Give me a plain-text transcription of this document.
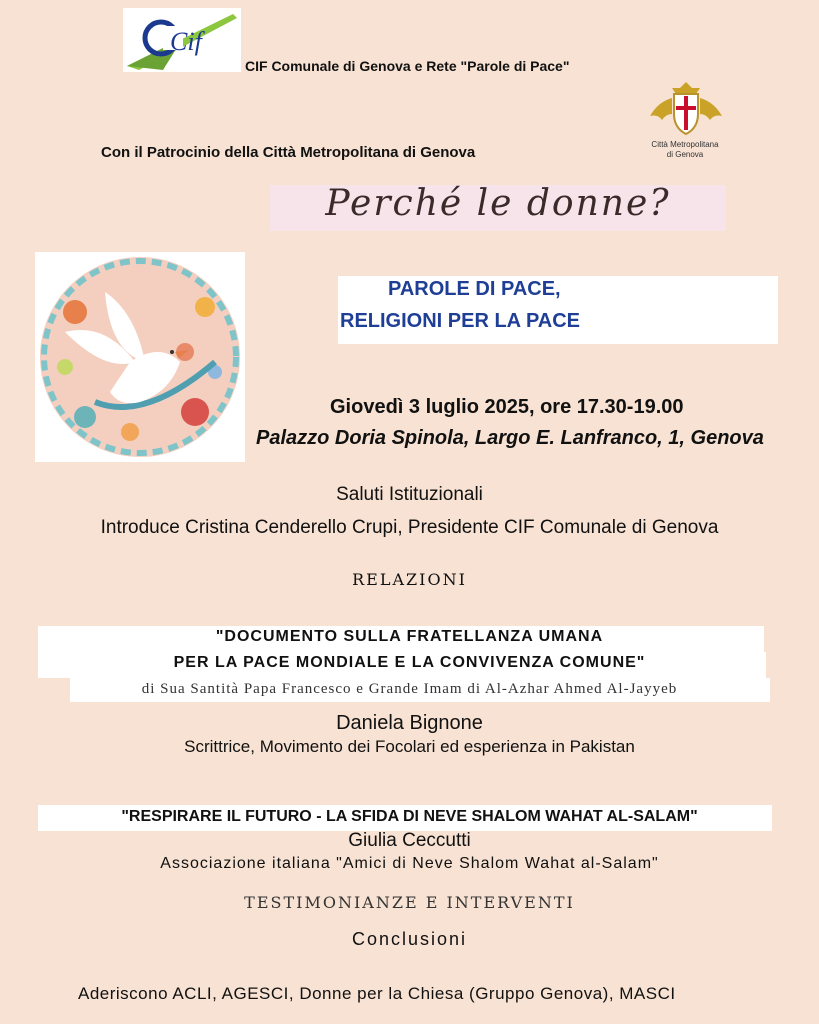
Cif
CIF Comunale di Genova e Rete "Parole di Pace"
Con il Patrocinio della Città Metropolitana di Genova	Città Metropolitana
di Genova
Perché le donne?
PAROLE DI PACE,
RELIGIONI PER LA PACE
Giovedì 3 luglio 2025, ore 17.30-19.00
Palazzo Doria Spinola, Largo E. Lanfranco, 1, Genova
Saluti Istituzionali
Introduce Cristina Cenderello Crupi, Presidente CIF Comunale di Genova
RELAZIONI
"DOCUMENTO SULLA FRATELLANZA UMANA
PER LA PACE MONDIALE E LA CONVIVENZA COMUNE"
di Sua Santità Papa Francesco e Grande Imam di Al-Azhar Ahmed Al-Jayyeb
Daniela Bignone
Scrittrice, Movimento dei Focolari ed esperienza in Pakistan
"RESPIRARE IL FUTURO - LA SFIDA DI NEVE SHALOM WAHAT AL-SALAM"
Giulia Ceccutti
Associazione italiana "Amici di Neve Shalom Wahat al-Salam"
TESTIMONIANZE E INTERVENTI
Conclusioni
Aderiscono ACLI, AGESCI, Donne per la Chiesa (Gruppo Genova), MASCI
